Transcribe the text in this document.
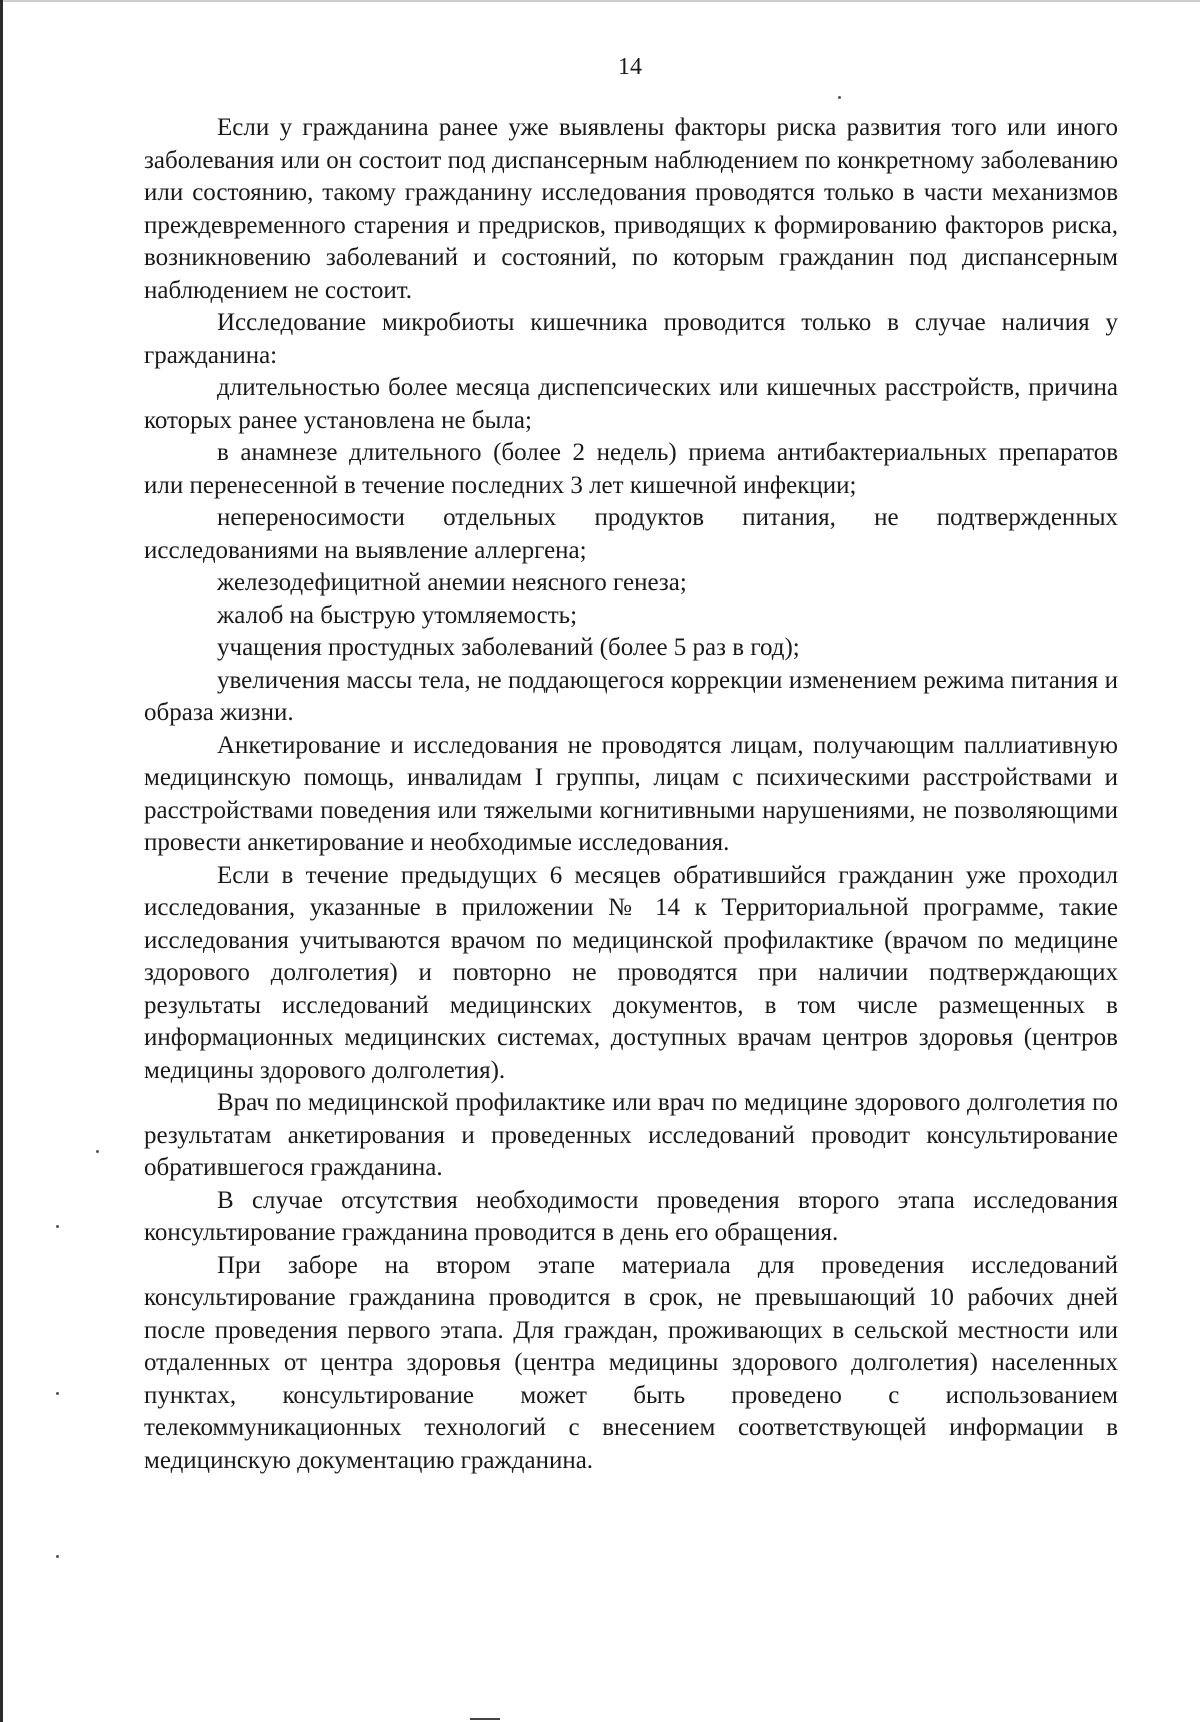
14

Если у гражданина ранее уже выявлены факторы риска развития того или иного заболевания или он состоит под диспансерным наблюдением по конкретному заболеванию или состоянию, такому гражданину исследования проводятся только в части механизмов преждевременного старения и предрисков, приводящих к формированию факторов риска, возникновению заболеваний и состояний, по которым гражданин под диспансерным наблюдением не состоит.

Исследование микробиоты кишечника проводится только в случае наличия у гражданина:

длительностью более месяца диспепсических или кишечных расстройств, причина которых ранее установлена не была;

в анамнезе длительного (более 2 недель) приема антибактериальных препаратов или перенесенной в течение последних 3 лет кишечной инфекции;

непереносимости отдельных продуктов питания, не подтвержденных исследованиями на выявление аллергена;

железодефицитной анемии неясного генеза;

жалоб на быструю утомляемость;

учащения простудных заболеваний (более 5 раз в год);

увеличения массы тела, не поддающегося коррекции изменением режима питания и образа жизни.

Анкетирование и исследования не проводятся лицам, получающим паллиативную медицинскую помощь, инвалидам I группы, лицам с психическими расстройствами и расстройствами поведения или тяжелыми когнитивными нарушениями, не позволяющими провести анкетирование и необходимые исследования.

Если в течение предыдущих 6 месяцев обратившийся гражданин уже проходил исследования, указанные в приложении № 14 к Территориальной программе, такие исследования учитываются врачом по медицинской профилактике (врачом по медицине здорового долголетия) и повторно не проводятся при наличии подтверждающих результаты исследований медицинских документов, в том числе размещенных в информационных медицинских системах, доступных врачам центров здоровья (центров медицины здорового долголетия).

Врач по медицинской профилактике или врач по медицине здорового долголетия по результатам анкетирования и проведенных исследований проводит консультирование обратившегося гражданина.

В случае отсутствия необходимости проведения второго этапа исследования консультирование гражданина проводится в день его обращения.

При заборе на втором этапе материала для проведения исследований консультирование гражданина проводится в срок, не превышающий 10 рабочих дней после проведения первого этапа. Для граждан, проживающих в сельской местности или отдаленных от центра здоровья (центра медицины здорового долголетия) населенных пунктах, консультирование может быть проведено с использованием телекоммуникационных технологий с внесением соответствующей информации в медицинскую документацию гражданина.
